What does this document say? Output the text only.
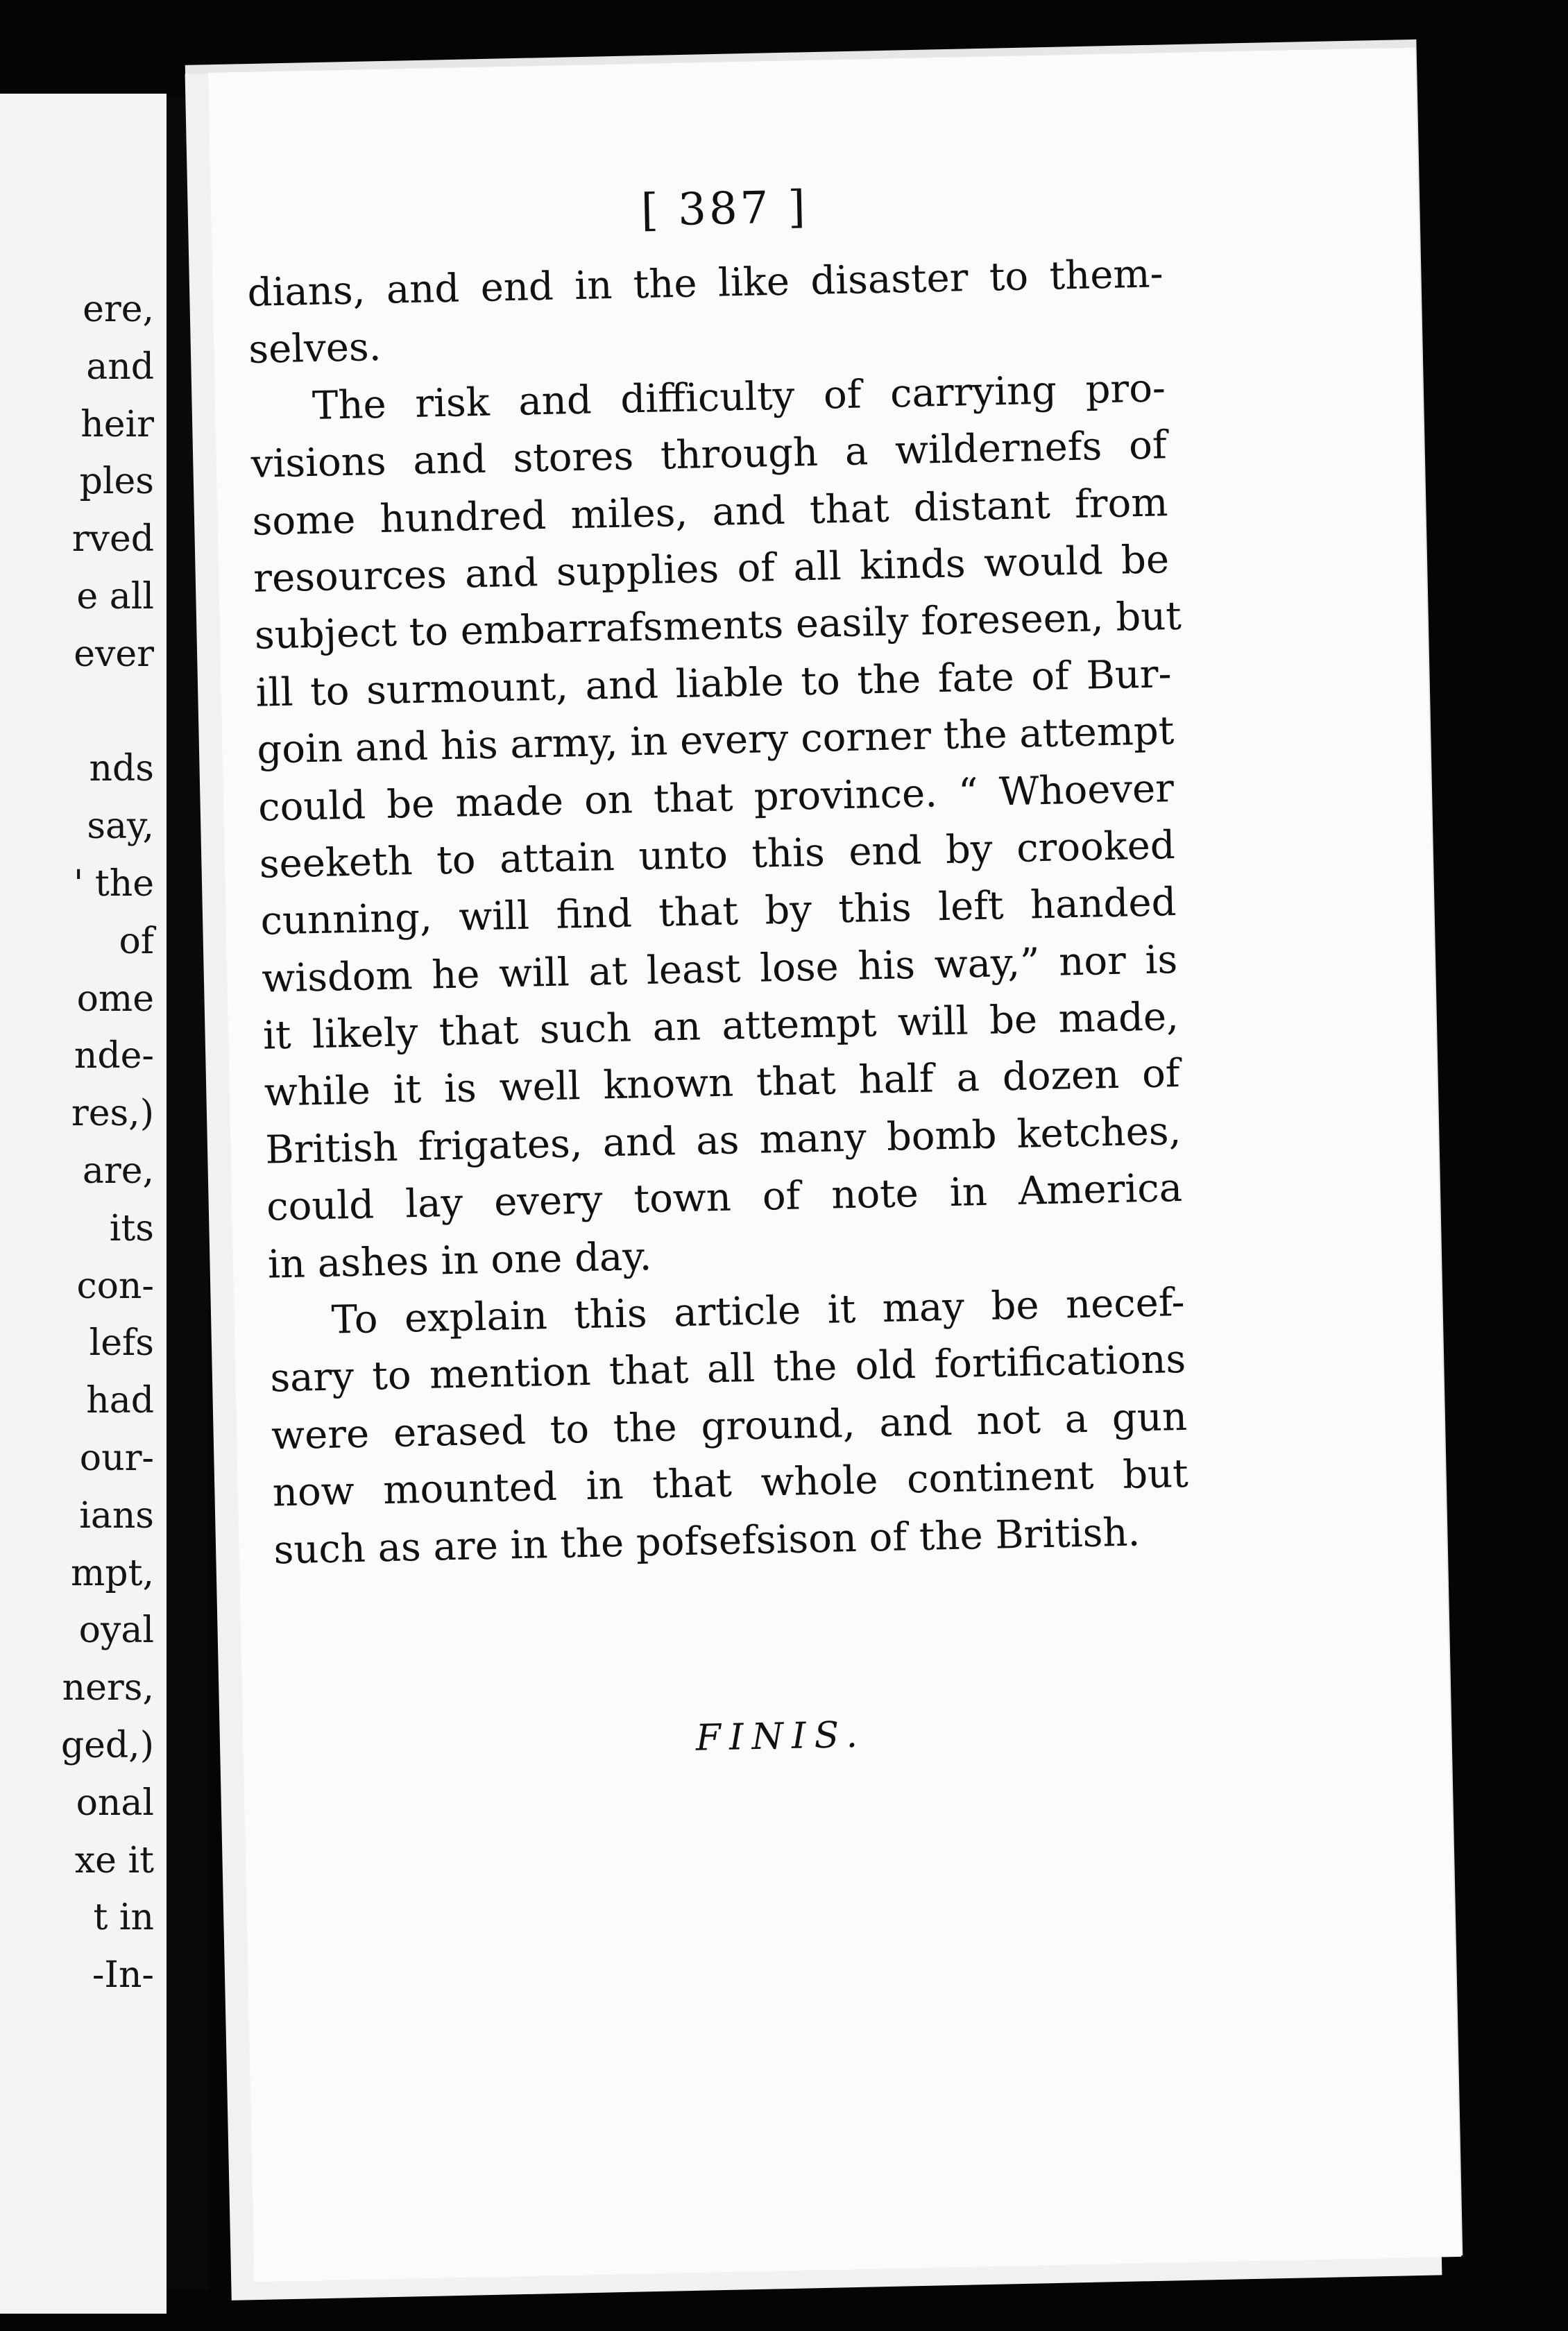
ere,
and
heir
ples
rved
e all
ever
nds
say,
' the
of
ome
nde-
res,)
are,
its
con-
lefs
had
our-
ians
mpt,
oyal
ners,
ged,)
onal
xe it
t in
-In-
[ 387 ]
dians, and end in the like disaster to them-
selves.
The risk and difficulty of carrying pro-
visions and stores through a wildernefs of
some hundred miles, and that distant from
resources and supplies of all kinds would be
subject to embarrafsments easily foreseen, but
ill to surmount, and liable to the fate of Bur-
goin and his army, in every corner the attempt
could be made on that province. “ Whoever
seeketh to attain unto this end by crooked
cunning, will find that by this left handed
wisdom he will at least lose his way,” nor is
it likely that such an attempt will be made,
while it is well known that half a dozen of
British frigates, and as many bomb ketches,
could lay every town of note in America
in ashes in one day.
To explain this article it may be necef-
sary to mention that all the old fortifications
were erased to the ground, and not a gun
now mounted in that whole continent but
such as are in the pofsefsison of the British.
FINIS.
